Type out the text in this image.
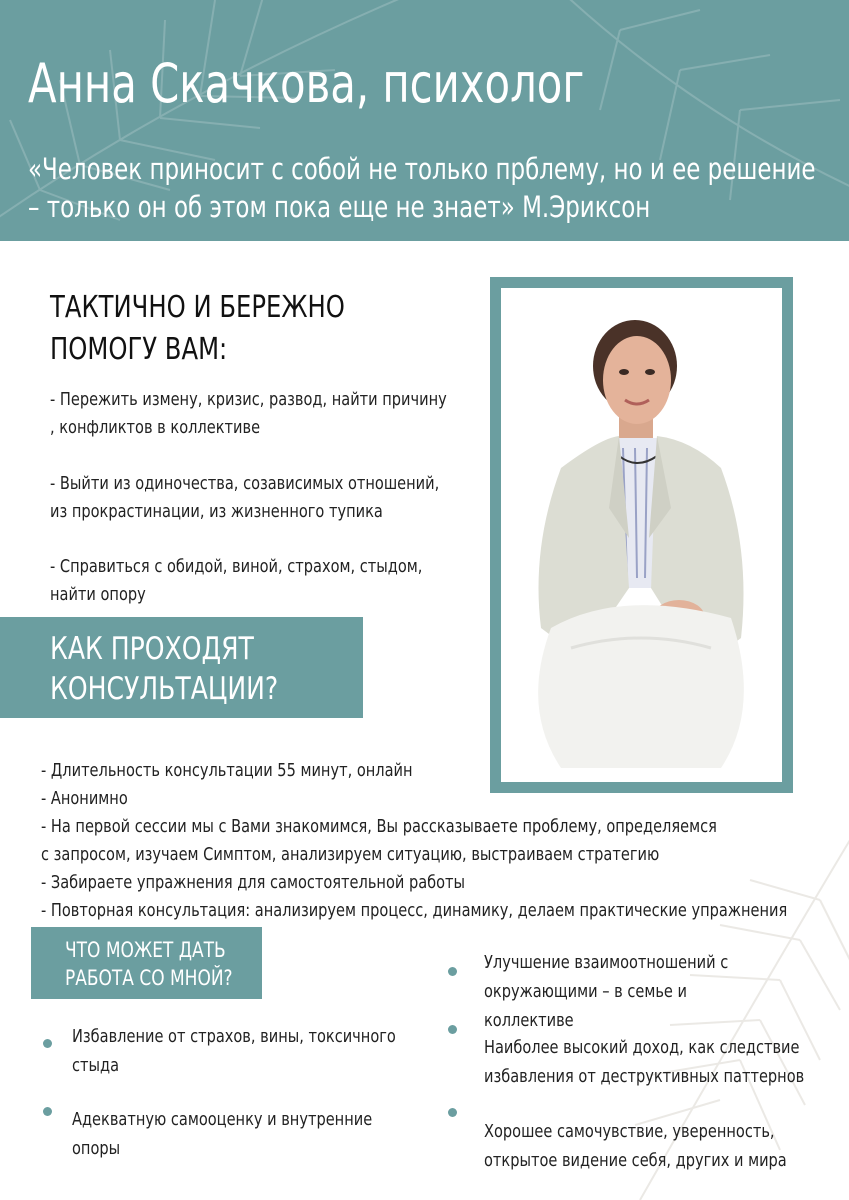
Анна Скачкова, психолог

«Человек приносит с собой не только прблему, но и ее решение – только он об этом пока еще не знает» М.Эриксон

ТАКТИЧНО И БЕРЕЖНО ПОМОГУ ВАМ:
- Пережить измену, кризис, развод, найти причину , конфликтов в коллективе
- Выйти из одиночества, созависимых отношений, из прокрастинации, из жизненного тупика
- Справиться с обидой, виной, страхом, стыдом, найти опору
КАК ПРОХОДЯТ КОНСУЛЬТАЦИИ?
- Длительность консультации 55 минут, онлайн
- Анонимно
- На первой сессии мы с Вами знакомимся, Вы рассказываете проблему, определяемся
с запросом, изучаем Симптом, анализируем ситуацию, выстраиваем стратегию
- Забираете упражнения для самостоятельной работы
- Повторная консультация: анализируем процесс, динамику, делаем практические упражнения
ЧТО МОЖЕТ ДАТЬ РАБОТА СО МНОЙ?
Избавление от страхов, вины, токсичного стыда
Адекватную самооценку и внутренние опоры
Улучшение взаимоотношений с окружающими – в семье и коллективе
Наиболее высокий доход, как следствие избавления от деструктивных паттернов
Хорошее самочувствие, уверенность, открытое видение себя, других и мира
